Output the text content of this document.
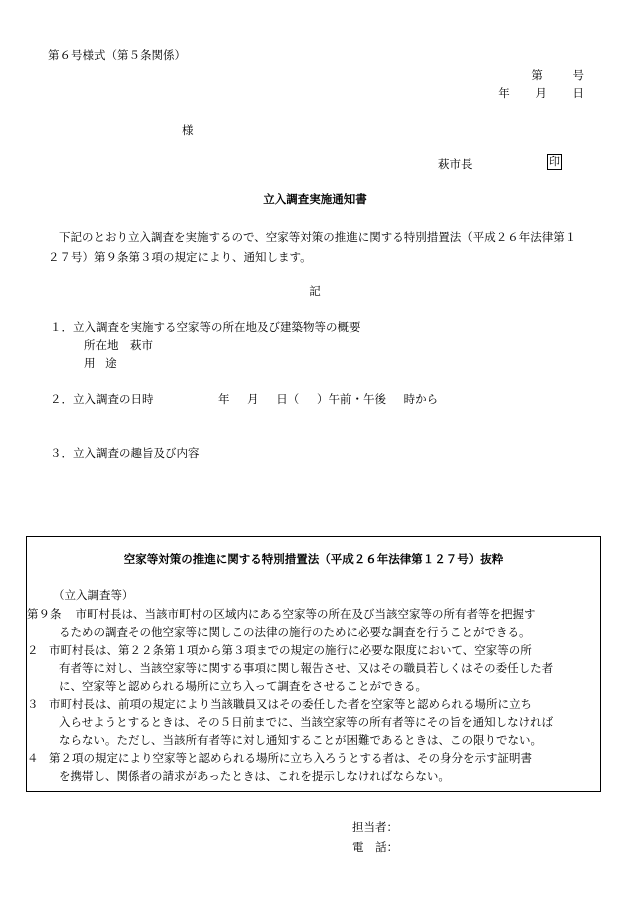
第６号様式（第５条関係）
第 号
年 月 日
様
萩市長	印
立入調査実施通知書
下記のとおり立入調査を実施するので、空家等対策の推進に関する特別措置法（平成２６年法律第１２７号）第９条第３項の規定により、通知します。
記
１．立入調査を実施する空家等の所在地及び建築物等の概要
所在地　萩市
用 途
２．立入調査の日時	年 月 日（ ）午前・午後 時から
３．立入調査の趣旨及び内容
空家等対策の推進に関する特別措置法（平成２６年法律第１２７号）抜粋
（立入調査等）
第９条 市町村長は、当該市町村の区域内にある空家等の所在及び当該空家等の所有者等を把握す
るための調査その他空家等に関しこの法律の施行のために必要な調査を行うことができる。
２ 市町村長は、第２２条第１項から第３項までの規定の施行に必要な限度において、空家等の所
有者等に対し、当該空家等に関する事項に関し報告させ、又はその職員若しくはその委任した者
に、空家等と認められる場所に立ち入って調査をさせることができる。
３ 市町村長は、前項の規定により当該職員又はその委任した者を空家等と認められる場所に立ち
入らせようとするときは、その５日前までに、当該空家等の所有者等にその旨を通知しなければ
ならない。ただし、当該所有者等に対し通知することが困難であるときは、この限りでない。
４ 第２項の規定により空家等と認められる場所に立ち入ろうとする者は、その身分を示す証明書
を携帯し、関係者の請求があったときは、これを提示しなければならない。
担当者：
電 話：
